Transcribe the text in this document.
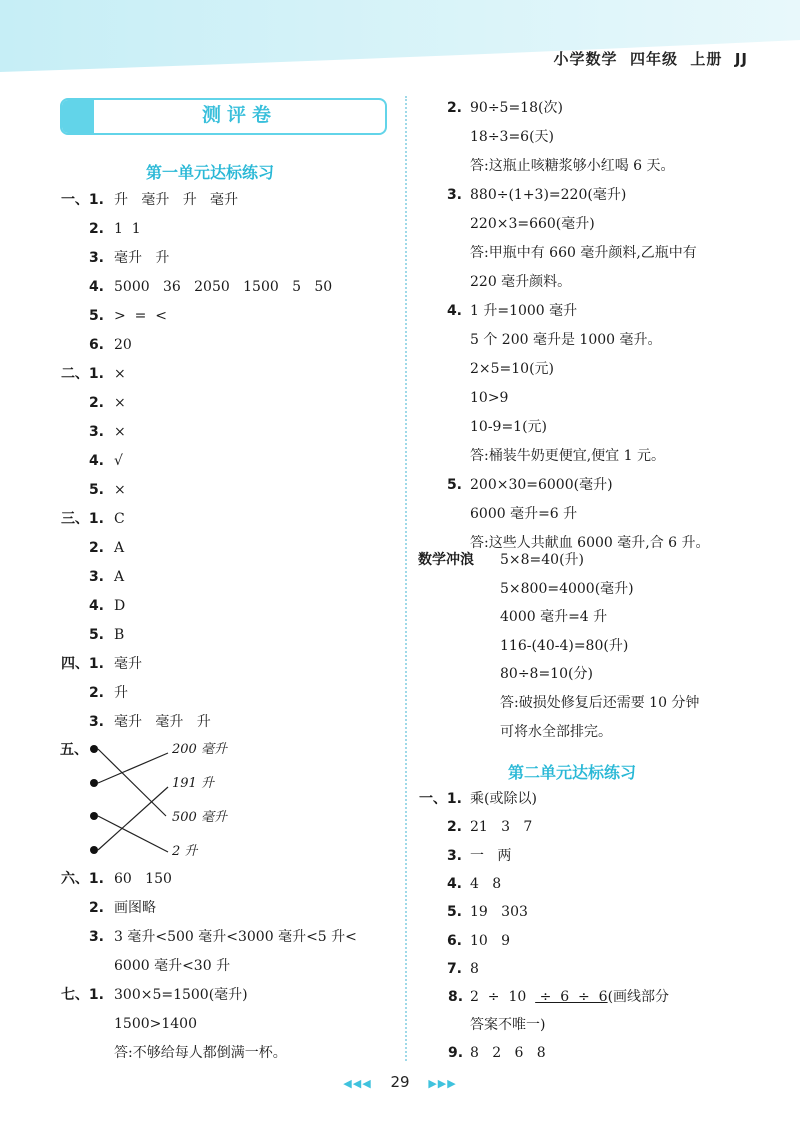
小学数学  四年级  上册  JJ
测评卷
第一单元达标练习
一、1. 升   毫升   升   毫升
2. 1  1
3. 毫升   升
4. 5000   36   2050   1500   5   50
5. >  =  <
6. 20
二、1. ×
2. ×
3. ×
4. √
5. ×
三、1. C
2. A
3. A
4. D
5. B
四、1. 毫升
2. 升
3. 毫升   毫升   升
五、	200 毫升
191 升
500 毫升
2 升
六、1. 60   150
2. 画图略
3. 3 毫升<500 毫升<3000 毫升<5 升<
6000 毫升<30 升
七、1. 300×5=1500(毫升)
1500>1400
答:不够给每人都倒满一杯。
2. 90÷5=18(次)
18÷3=6(天)
答:这瓶止咳糖浆够小红喝 6 天。
3. 880÷(1+3)=220(毫升)
220×3=660(毫升)
答:甲瓶中有 660 毫升颜料,乙瓶中有
220 毫升颜料。
4. 1 升=1000 毫升
5 个 200 毫升是 1000 毫升。
2×5=10(元)
10>9
10-9=1(元)
答:桶装牛奶更便宜,便宜 1 元。
5. 200×30=6000(毫升)
6000 毫升=6 升
答:这些人共献血 6000 毫升,合 6 升。
数学冲浪 5×8=40(升)
5×800=4000(毫升)
4000 毫升=4 升
116-(40-4)=80(升)
80÷8=10(分)
答:破损处修复后还需要 10 分钟
可将水全部排完。
第二单元达标练习
一、1. 乘(或除以)
2. 21   3   7
3. 一   两
4. 4   8
5. 19   303
6. 10   9
7. 8
8. 2  ÷  10   ÷  6  ÷  6(画线部分
答案不唯一)
9. 8   2   6   8
◀◀◀ 29 ▶▶▶
